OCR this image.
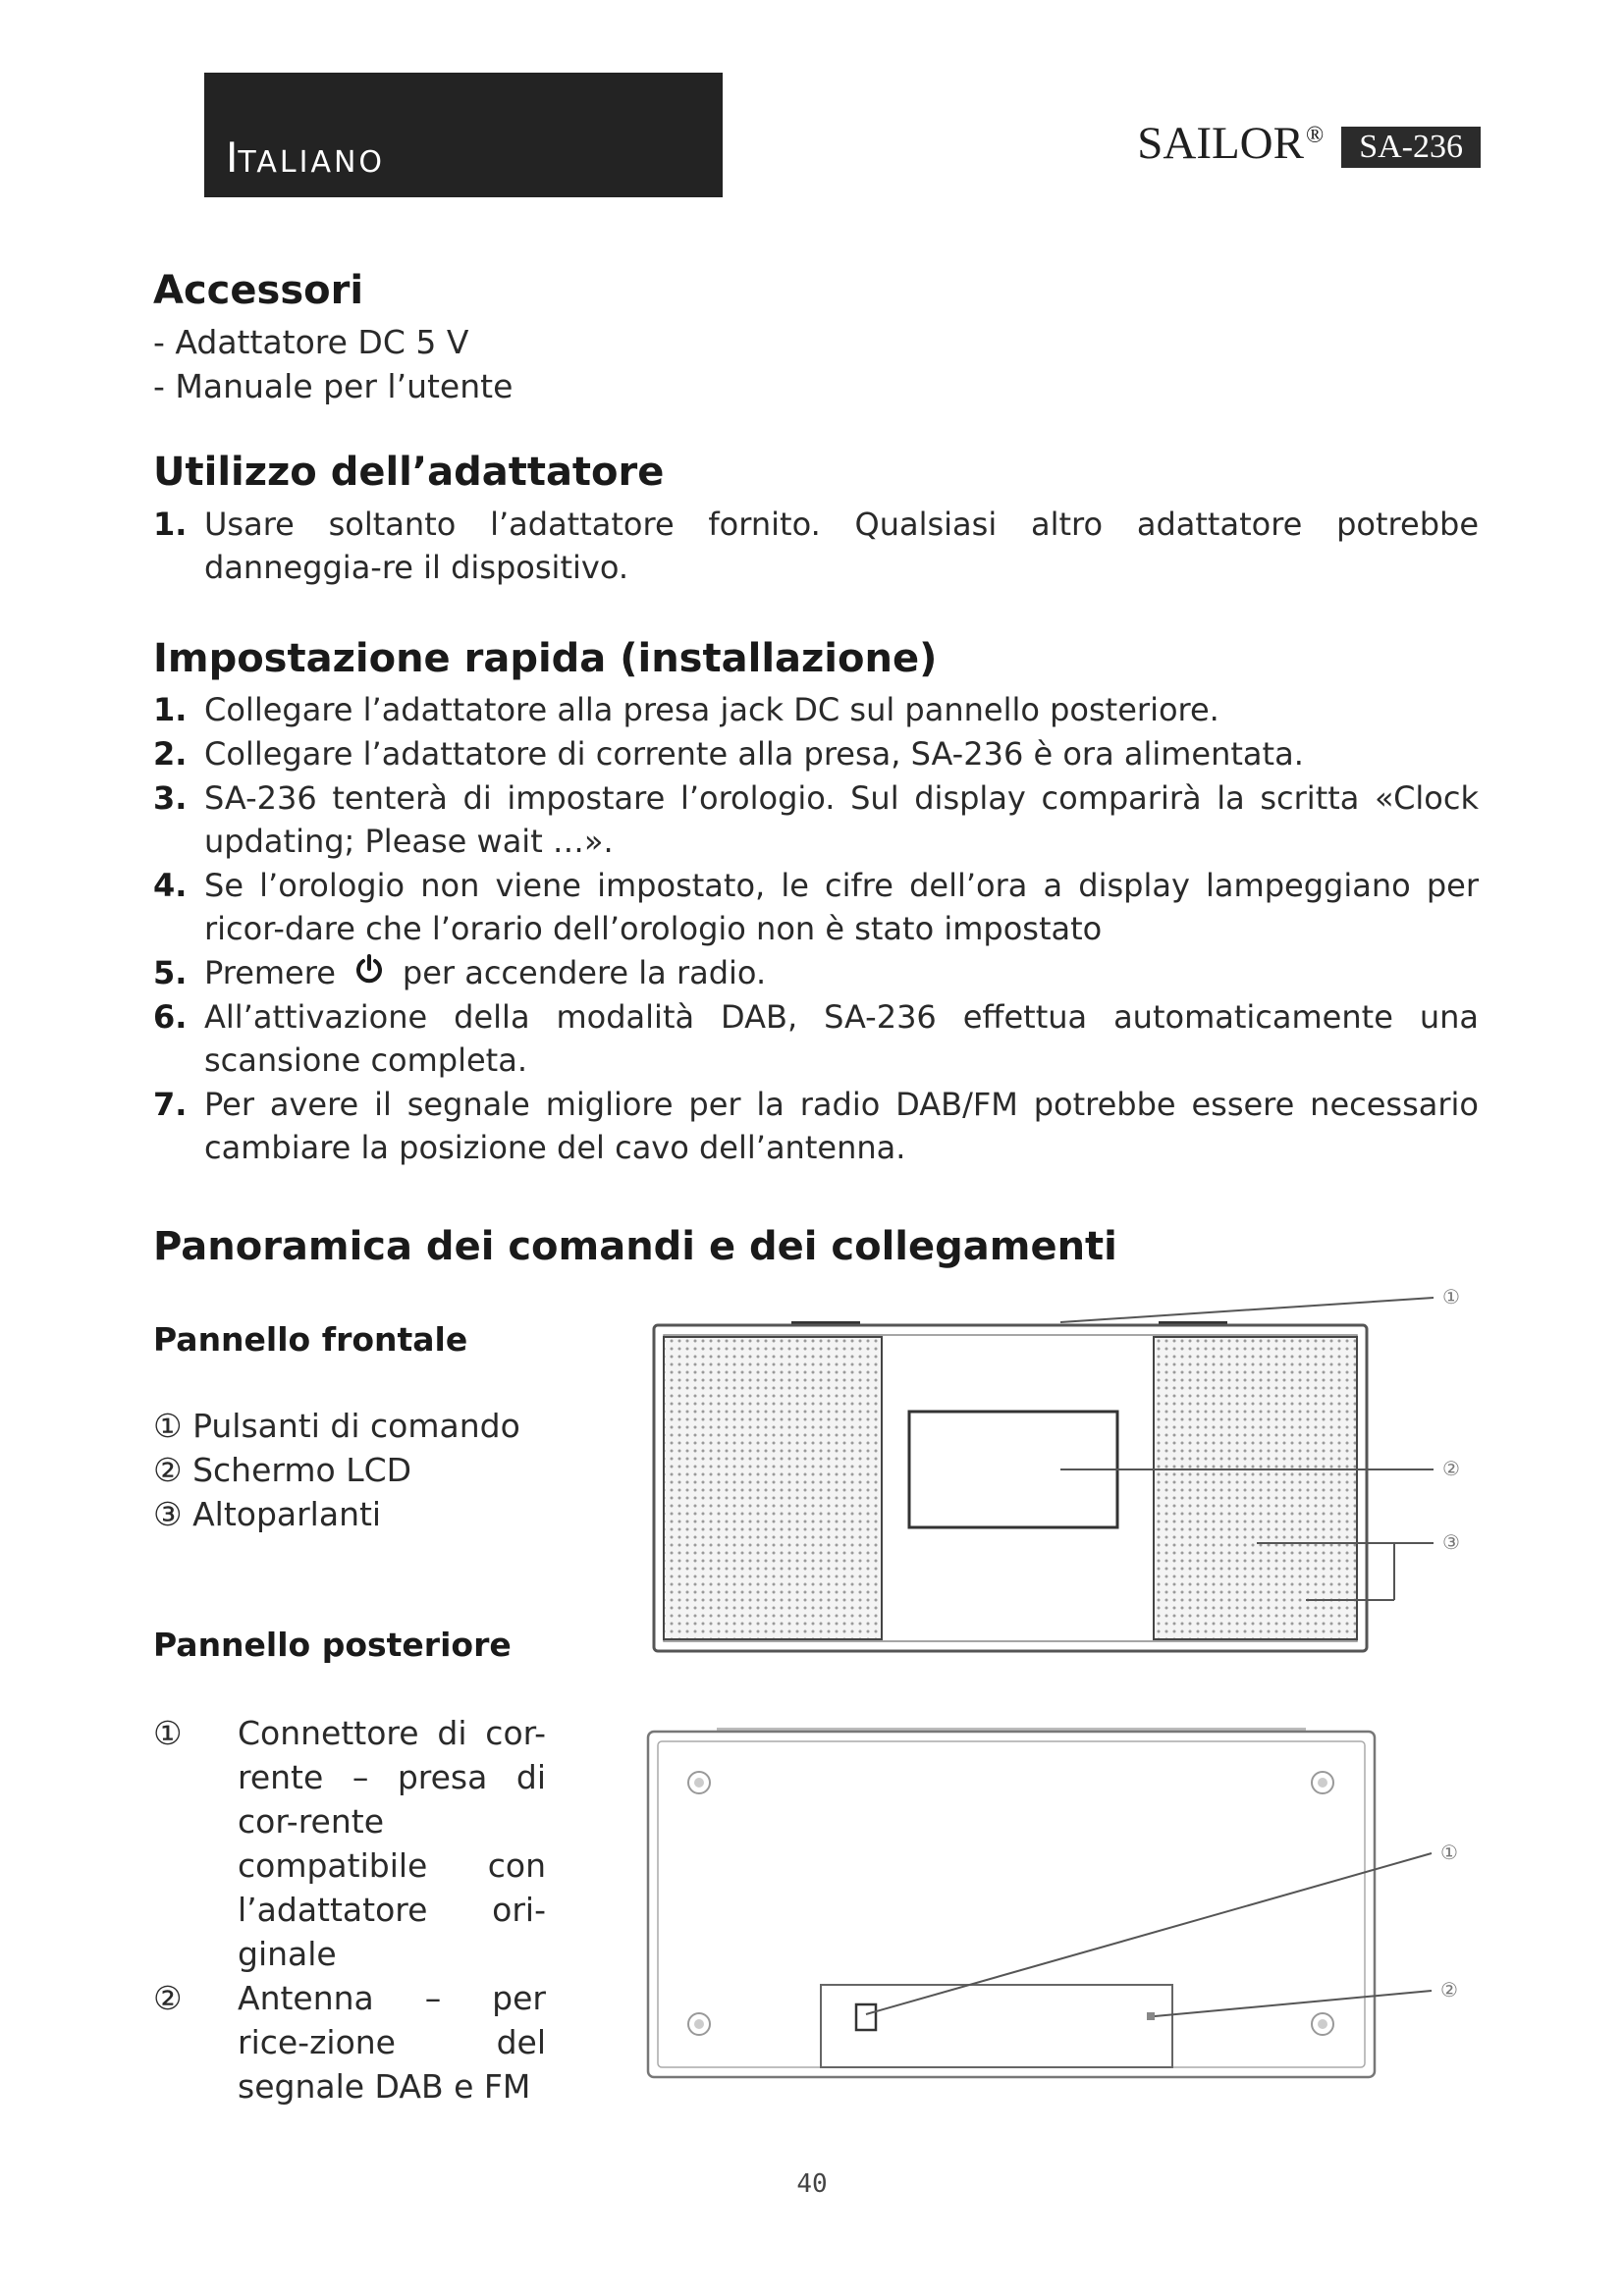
ITALIANO	SAILOR ®	SA-236
Accessori
- Adattatore DC 5 V
- Manuale per l’utente
Utilizzo dell’adattatore
1. Usare soltanto l’adattatore fornito. Qualsiasi altro adattatore potrebbe danneggia-re il dispositivo.
Impostazione rapida (installazione)
1. Collegare l’adattatore alla presa jack DC sul pannello posteriore.
2. Collegare l’adattatore di corrente alla presa, SA-236 è ora alimentata.
3. SA-236 tenterà di impostare l’orologio. Sul display comparirà la scritta «Clock updating; Please wait …».
4. Se l’orologio non viene impostato, le cifre dell’ora a display lampeggiano per ricor-dare che l’orario dell’orologio non è stato impostato
5. Premere per accendere la radio.
6. All’attivazione della modalità DAB, SA-236 effettua automaticamente una scansione completa.
7. Per avere il segnale migliore per la radio DAB/FM potrebbe essere necessario cambiare la posizione del cavo dell’antenna.
Panoramica dei comandi e dei collegamenti
Pannello frontale
① Pulsanti di comando
② Schermo LCD
③ Altoparlanti
Pannello posteriore
① Connettore di cor-rente – presa di cor-rente compatibile con l’adattatore ori-ginale
② Antenna – per rice-zione del segnale DAB e FM
①
②
③
①
②
40
